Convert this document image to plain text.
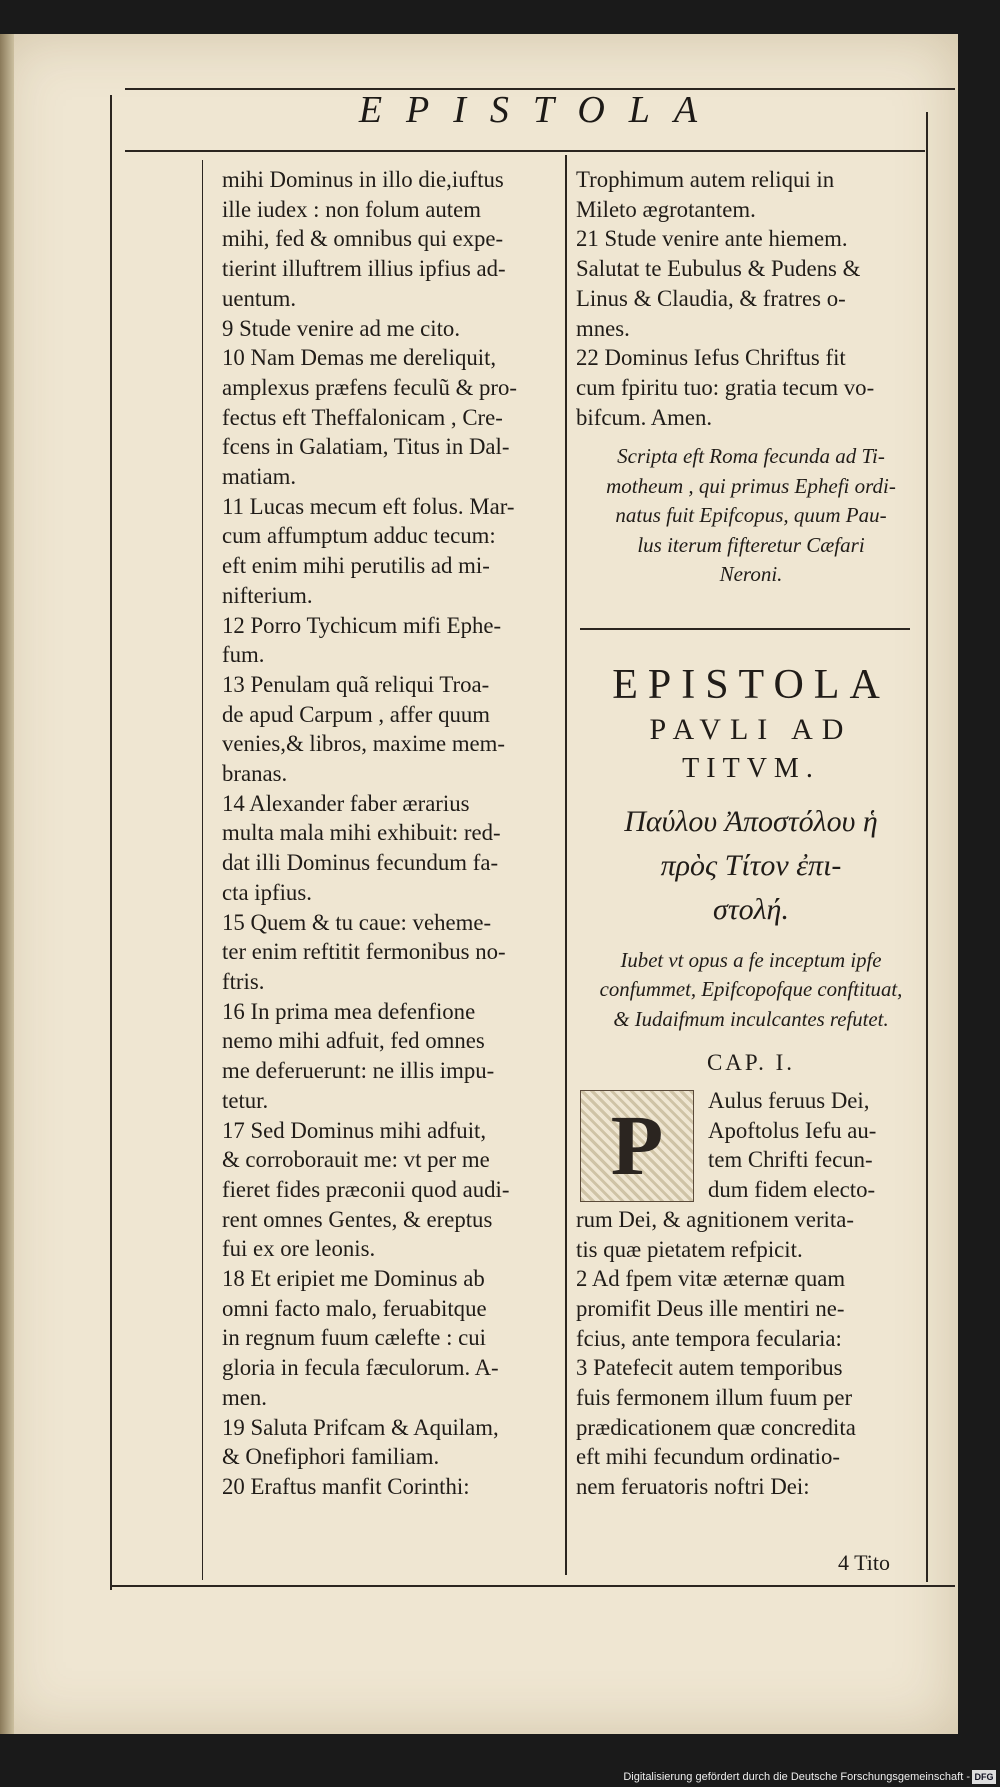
EPISTOLA

mihi Dominus in illo die,iuftus

ille iudex : non folum autem

mihi, fed & omnibus qui expe-

tierint illuftrem illius ipfius ad-

uentum.

9 Stude venire ad me cito.

10 Nam Demas me dereliquit,

amplexus præfens feculũ & pro-

fectus eft Theffalonicam , Cre-

fcens in Galatiam, Titus in Dal-

matiam.

11 Lucas mecum eft folus. Mar-

cum affumptum adduc tecum:

eft enim mihi perutilis ad mi-

nifterium.

12 Porro Tychicum mifi Ephe-

fum.

13 Penulam quã reliqui Troa-

de apud Carpum , affer quum

venies,& libros, maxime mem-

branas.

14 Alexander faber ærarius

multa mala mihi exhibuit: red-

dat illi Dominus fecundum fa-

cta ipfius.

15 Quem & tu caue: veheme-

ter enim reftitit fermonibus no-

ftris.

16 In prima mea defenfione

nemo mihi adfuit, fed omnes

me deferuerunt: ne illis impu-

tetur.

17 Sed Dominus mihi adfuit,

& corroborauit me: vt per me

fieret fides præconii quod audi-

rent omnes Gentes, & ereptus

fui ex ore leonis.

18 Et eripiet me Dominus ab

omni facto malo, feruabitque

in regnum fuum cælefte : cui

gloria in fecula fæculorum. A-

men.

19 Saluta Prifcam & Aquilam,

& Onefiphori familiam.

20 Eraftus manfit Corinthi:

Trophimum autem reliqui in

Mileto ægrotantem.

21 Stude venire ante hiemem.

Salutat te Eubulus & Pudens &

Linus & Claudia, & fratres o-

mnes.

22 Dominus Iefus Chriftus fit

cum fpiritu tuo: gratia tecum vo-

bifcum. Amen.

Scripta eft Roma fecunda ad Ti-

motheum , qui primus Ephefi ordi-

natus fuit Epifcopus, quum Pau-

lus iterum fifteretur Cæfari

Neroni.

EPISTOLA

PAVLI AD

TITVM.

Παύλου Ἀποστόλου ἡ

πρὸς Τίτον ἐπι-

στολή.

Iubet vt opus a fe inceptum ipfe

confummet, Epifcopofque conftituat,

& Iudaifmum inculcantes refutet.

CAP. I.

P	Aulus feruus Dei,

Apoftolus Iefu au-

tem Chrifti fecun-

dum fidem electo-

rum Dei, & agnitionem verita-

tis quæ pietatem refpicit.

2 Ad fpem vitæ æternæ quam

promifit Deus ille mentiri ne-

fcius, ante tempora fecularia:

3 Patefecit autem temporibus

fuis fermonem illum fuum per

prædicationem quæ concredita

eft mihi fecundum ordinatio-

nem feruatoris noftri Dei:

4 Tito
Digitalisierung gefördert durch die Deutsche Forschungsgemeinschaft - DFG
